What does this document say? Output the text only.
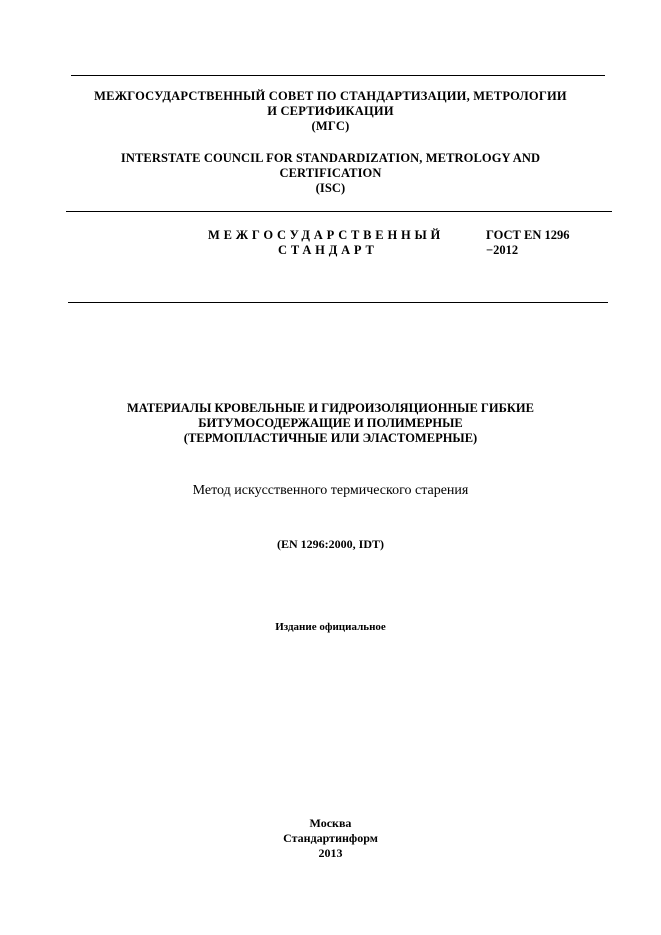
МЕЖГОСУДАРСТВЕННЫЙ СОВЕТ ПО СТАНДАРТИЗАЦИИ, МЕТРОЛОГИИ
И СЕРТИФИКАЦИИ
(МГС)
INTERSTATE COUNCIL FOR STANDARDIZATION, METROLOGY AND
CERTIFICATION
(ISC)
МЕЖГОСУДАРСТВЕННЫЙ
СТАНДАРТ
ГОСТ EN 1296
−2012
МАТЕРИАЛЫ КРОВЕЛЬНЫЕ И ГИДРОИЗОЛЯЦИОННЫЕ ГИБКИЕ
БИТУМОСОДЕРЖАЩИЕ И ПОЛИМЕРНЫЕ
(ТЕРМОПЛАСТИЧНЫЕ ИЛИ ЭЛАСТОМЕРНЫЕ)
Метод искусственного термического старения
(EN 1296:2000, IDT)
Издание официальное
Москва
Стандартинформ
2013
